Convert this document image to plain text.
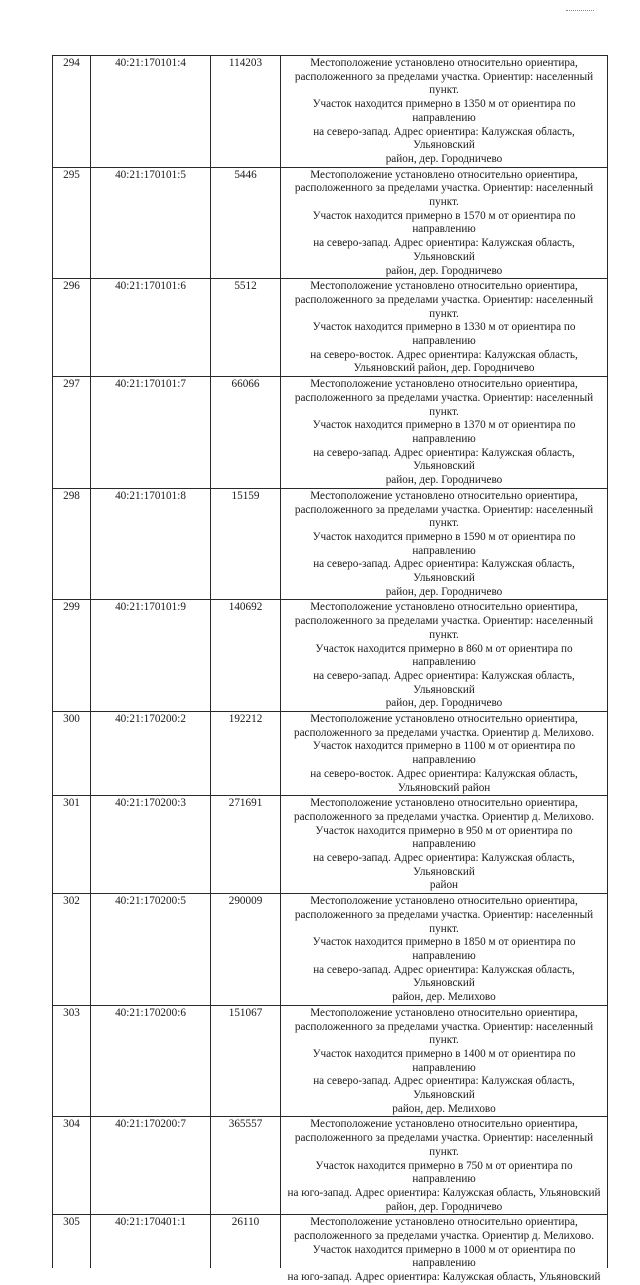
294	40:21:170101:4	114203	Местоположение установлено относительно ориентира,
расположенного за пределами участка. Ориентир: населенный пункт.
Участок находится примерно в 1350 м от ориентира по направлению
на северо-запад. Адрес ориентира: Калужская область, Ульяновский
район, дер. Городничево

295	40:21:170101:5	5446	Местоположение установлено относительно ориентира,
расположенного за пределами участка. Ориентир: населенный пункт.
Участок находится примерно в 1570 м от ориентира по направлению
на северо-запад. Адрес ориентира: Калужская область, Ульяновский
район, дер. Городничево

296	40:21:170101:6	5512	Местоположение установлено относительно ориентира,
расположенного за пределами участка. Ориентир: населенный пункт.
Участок находится примерно в 1330 м от ориентира по направлению
на северо-восток. Адрес ориентира: Калужская область,
Ульяновский район, дер. Городничево

297	40:21:170101:7	66066	Местоположение установлено относительно ориентира,
расположенного за пределами участка. Ориентир: населенный пункт.
Участок находится примерно в 1370 м от ориентира по направлению
на северо-запад. Адрес ориентира: Калужская область, Ульяновский
район, дер. Городничево

298	40:21:170101:8	15159	Местоположение установлено относительно ориентира,
расположенного за пределами участка. Ориентир: населенный пункт.
Участок находится примерно в 1590 м от ориентира по направлению
на северо-запад. Адрес ориентира: Калужская область, Ульяновский
район, дер. Городничево

299	40:21:170101:9	140692	Местоположение установлено относительно ориентира,
расположенного за пределами участка. Ориентир: населенный пункт.
Участок находится примерно в 860 м от ориентира по направлению
на северо-запад. Адрес ориентира: Калужская область, Ульяновский
район, дер. Городничево

300	40:21:170200:2	192212	Местоположение установлено относительно ориентира,
расположенного за пределами участка. Ориентир д. Мелихово.
Участок находится примерно в 1100 м от ориентира по направлению
на северо-восток. Адрес ориентира: Калужская область,
Ульяновский район

301	40:21:170200:3	271691	Местоположение установлено относительно ориентира,
расположенного за пределами участка. Ориентир д. Мелихово.
Участок находится примерно в 950 м от ориентира по направлению
на северо-запад. Адрес ориентира: Калужская область, Ульяновский
район

302	40:21:170200:5	290009	Местоположение установлено относительно ориентира,
расположенного за пределами участка. Ориентир: населенный пункт.
Участок находится примерно в 1850 м от ориентира по направлению
на северо-запад. Адрес ориентира: Калужская область, Ульяновский
район, дер. Мелихово

303	40:21:170200:6	151067	Местоположение установлено относительно ориентира,
расположенного за пределами участка. Ориентир: населенный пункт.
Участок находится примерно в 1400 м от ориентира по направлению
на северо-запад. Адрес ориентира: Калужская область, Ульяновский
район, дер. Мелихово

304	40:21:170200:7	365557	Местоположение установлено относительно ориентира,
расположенного за пределами участка. Ориентир: населенный пункт.
Участок находится примерно в 750 м от ориентира по направлению
на юго-запад. Адрес ориентира: Калужская область, Ульяновский
район, дер. Городничево

305	40:21:170401:1	26110	Местоположение установлено относительно ориентира,
расположенного за пределами участка. Ориентир д. Мелихово.
Участок находится примерно в 1000 м от ориентира по направлению
на юго-запад. Адрес ориентира: Калужская область, Ульяновский
